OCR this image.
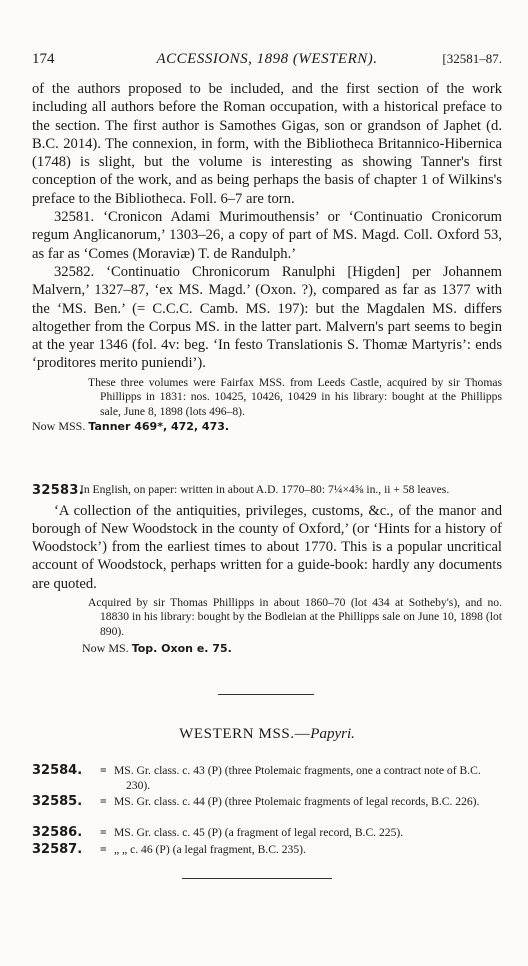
174	ACCESSIONS, 1898 (WESTERN).	[32581–87.

of the authors proposed to be included, and the first section of the work including all authors before the Roman occupation, with a historical preface to the section. The first author is Samothes Gigas, son or grandson of Japhet (d. B.C. 2014). The connexion, in form, with the Bibliotheca Britannico-Hibernica (1748) is slight, but the volume is interesting as showing Tanner's first conception of the work, and as being perhaps the basis of chapter 1 of Wilkins's preface to the Bibliotheca. Foll. 6–7 are torn.

32581. ‘Cronicon Adami Murimouthensis’ or ‘Continuatio Cronicorum regum Anglicanorum,’ 1303–26, a copy of part of MS. Magd. Coll. Oxford 53, as far as ‘Comes (Moraviæ) T. de Randulph.’

32582. ‘Continuatio Chronicorum Ranulphi [Higden] per Johannem Malvern,’ 1327–87, ‘ex MS. Magd.’ (Oxon. ?), compared as far as 1377 with the ‘MS. Ben.’ (= C.C.C. Camb. MS. 197): but the Magdalen MS. differs altogether from the Corpus MS. in the latter part. Malvern's part seems to begin at the year 1346 (fol. 4v: beg. ‘In festo Translationis S. Thomæ Martyris’: ends ‘proditores merito puniendi’).

These three volumes were Fairfax MSS. from Leeds Castle, acquired by sir Thomas Phillipps in 1831: nos. 10425, 10426, 10429 in his library: bought at the Phillipps sale, June 8, 1898 (lots 496–8).

Now MSS. Tanner 469*, 472, 473.

32583.
In English, on paper: written in about A.D. 1770–80: 7¼×4⅝ in., ii + 58 leaves.

‘A collection of the antiquities, privileges, customs, &c., of the manor and borough of New Woodstock in the county of Oxford,’ (or ‘Hints for a history of Woodstock’) from the earliest times to about 1770. This is a popular uncritical account of Woodstock, perhaps written for a guide-book: hardly any documents are quoted.

Acquired by sir Thomas Phillipps in about 1860–70 (lot 434 at Sotheby's), and no. 18830 in his library: bought by the Bodleian at the Phillipps sale on June 10, 1898 (lot 890).

Now MS. Top. Oxon e. 75.

WESTERN MSS.—Papyri.
32584. = MS. Gr. class. c. 43 (P) (three Ptolemaic fragments, one a contract note of B.C. 230).
32585. = MS. Gr. class. c. 44 (P) (three Ptolemaic fragments of legal records, B.C. 226).
32586. = MS. Gr. class. c. 45 (P) (a fragment of legal record, B.C. 225).
32587. = „ „ c. 46 (P) (a legal fragment, B.C. 235).
